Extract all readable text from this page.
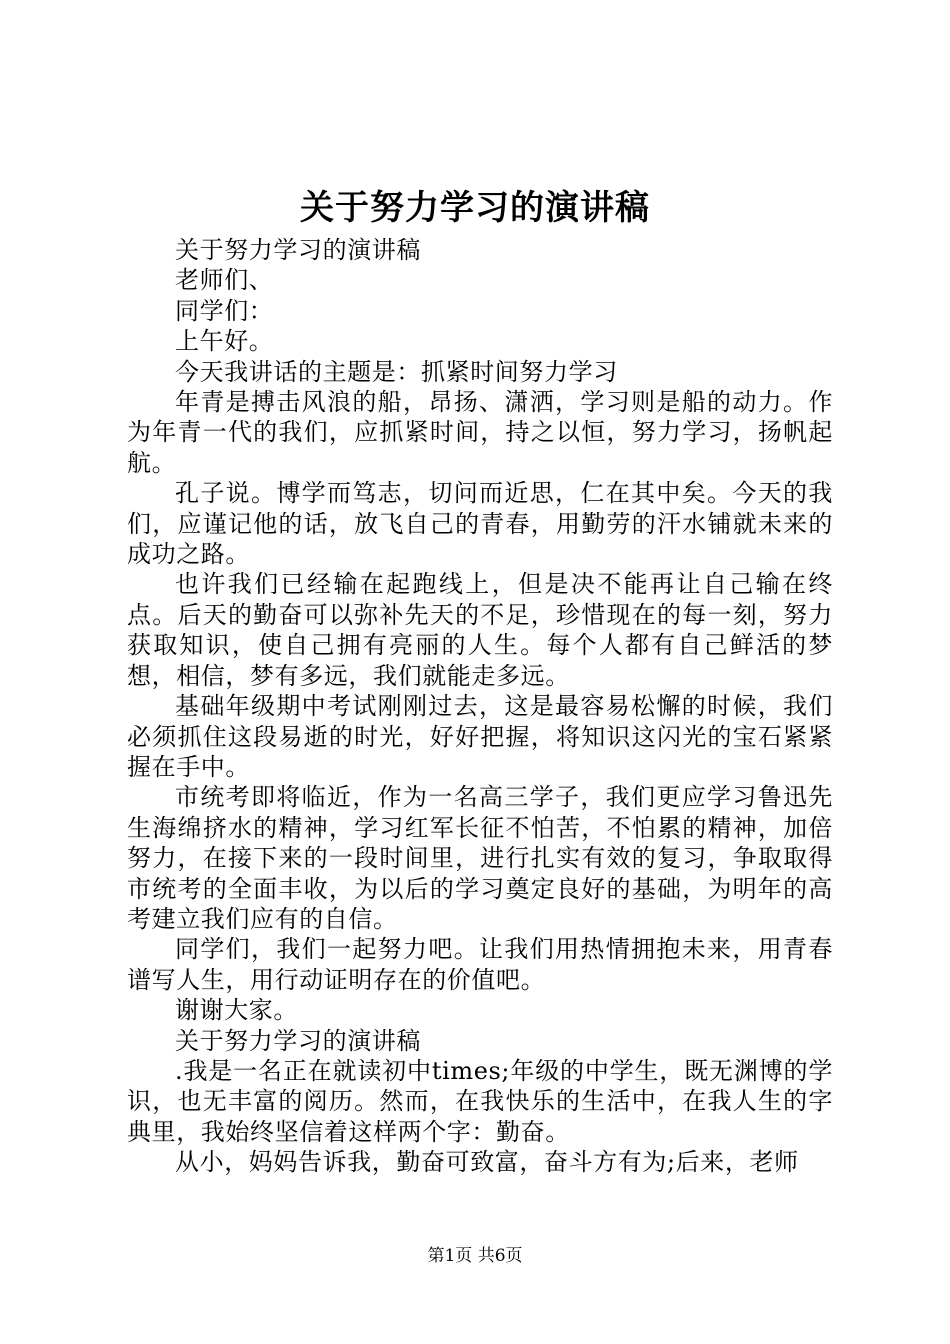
关于努力学习的演讲稿

关于努力学习的演讲稿

老师们、

同学们：

上午好。

今天我讲话的主题是：抓紧时间努力学习

年青是搏击风浪的船，昂扬、潇洒，学习则是船的动力。作为年青一代的我们，应抓紧时间，持之以恒，努力学习，扬帆起航。

孔子说。博学而笃志，切问而近思，仁在其中矣。今天的我们，应谨记他的话，放飞自己的青春，用勤劳的汗水铺就未来的成功之路。

也许我们已经输在起跑线上，但是决不能再让自己输在终点。后天的勤奋可以弥补先天的不足，珍惜现在的每一刻，努力获取知识，使自己拥有亮丽的人生。每个人都有自己鲜活的梦想，相信，梦有多远，我们就能走多远。

基础年级期中考试刚刚过去，这是最容易松懈的时候，我们必须抓住这段易逝的时光，好好把握，将知识这闪光的宝石紧紧握在手中。

市统考即将临近，作为一名高三学子，我们更应学习鲁迅先生海绵挤水的精神，学习红军长征不怕苦，不怕累的精神，加倍努力，在接下来的一段时间里，进行扎实有效的复习，争取取得市统考的全面丰收，为以后的学习奠定良好的基础，为明年的高考建立我们应有的自信。

同学们，我们一起努力吧。让我们用热情拥抱未来，用青春谱写人生，用行动证明存在的价值吧。

谢谢大家。

关于努力学习的演讲稿

.我是一名正在就读初中times;年级的中学生，既无渊博的学识，也无丰富的阅历。然而，在我快乐的生活中，在我人生的字典里，我始终坚信着这样两个字：勤奋。

从小，妈妈告诉我，勤奋可致富，奋斗方有为;后来，老师

第1页 共6页
